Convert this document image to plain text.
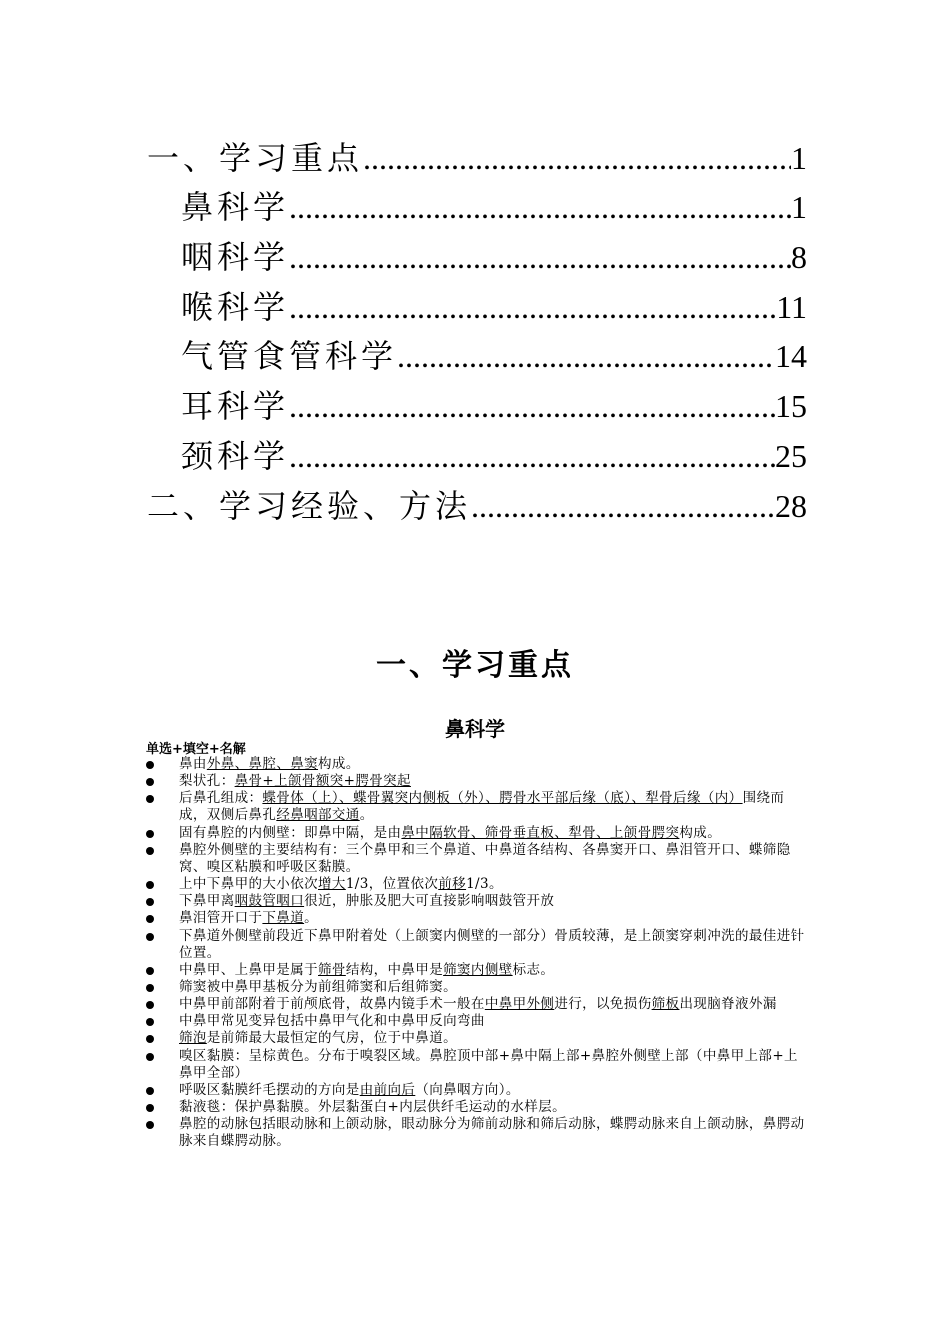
一、学习重点 .....	1
鼻科学 .....	1
咽科学 .....	8
喉科学 .....	11
气管食管科学 .....	14
耳科学 .....	15
颈科学 .....	25
二、学习经验、方法 .....	28
一、学习重点
鼻科学
单选+填空+名解
鼻由外鼻、鼻腔、鼻窦构成。
梨状孔：鼻骨+上颌骨额突+腭骨突起
后鼻孔组成：蝶骨体（上）、蝶骨翼突内侧板（外）、腭骨水平部后缘（底）、犁骨后缘（内）围绕而成，双侧后鼻孔经鼻咽部交通。
固有鼻腔的内侧壁：即鼻中隔，是由鼻中隔软骨、筛骨垂直板、犁骨、上颌骨腭突构成。
鼻腔外侧壁的主要结构有：三个鼻甲和三个鼻道、中鼻道各结构、各鼻窦开口、鼻泪管开口、蝶筛隐窝、嗅区粘膜和呼吸区黏膜。
上中下鼻甲的大小依次增大1/3，位置依次前移1/3。
下鼻甲离咽鼓管咽口很近，肿胀及肥大可直接影响咽鼓管开放
鼻泪管开口于下鼻道。
下鼻道外侧壁前段近下鼻甲附着处（上颌窦内侧壁的一部分）骨质较薄，是上颌窦穿刺冲洗的最佳进针位置。
中鼻甲、上鼻甲是属于筛骨结构，中鼻甲是筛窦内侧壁标志。
筛窦被中鼻甲基板分为前组筛窦和后组筛窦。
中鼻甲前部附着于前颅底骨，故鼻内镜手术一般在中鼻甲外侧进行，以免损伤筛板出现脑脊液外漏
中鼻甲常见变异包括中鼻甲气化和中鼻甲反向弯曲
筛泡是前筛最大最恒定的气房，位于中鼻道。
嗅区黏膜：呈棕黄色。分布于嗅裂区域。鼻腔顶中部+鼻中隔上部+鼻腔外侧壁上部（中鼻甲上部+上鼻甲全部）
呼吸区黏膜纤毛摆动的方向是由前向后（向鼻咽方向）。
黏液毯：保护鼻黏膜。外层黏蛋白+内层供纤毛运动的水样层。
鼻腔的动脉包括眼动脉和上颌动脉，眼动脉分为筛前动脉和筛后动脉，蝶腭动脉来自上颌动脉，鼻腭动脉来自蝶腭动脉。
